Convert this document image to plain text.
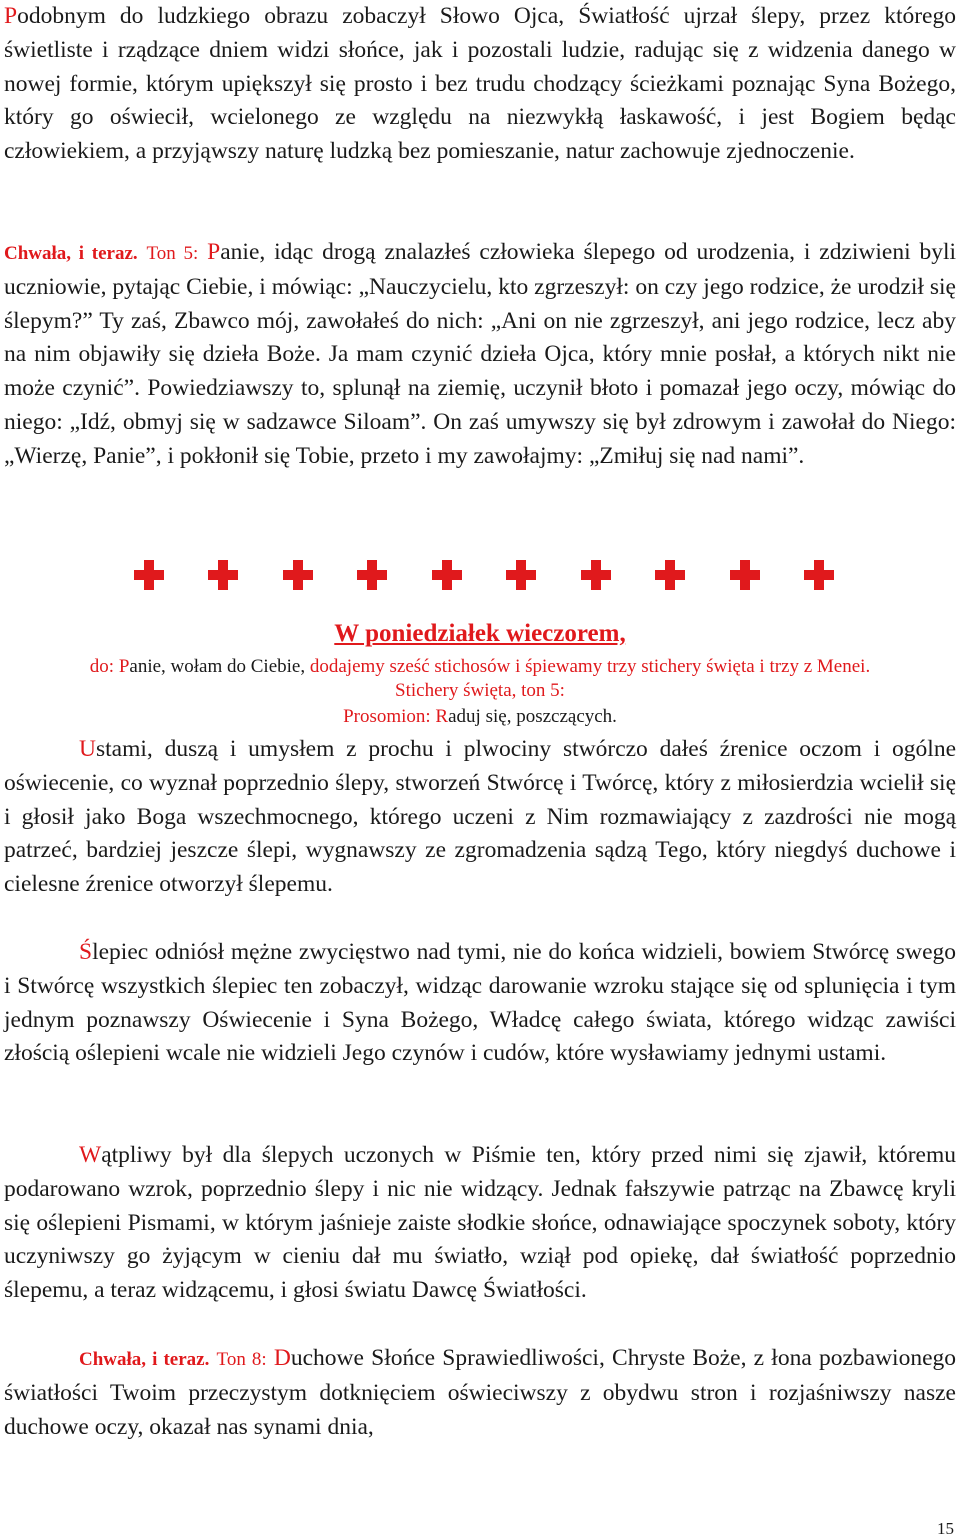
Podobnym do ludzkiego obrazu zobaczył Słowo Ojca, Światłość ujrzał ślepy, przez którego świetliste i rządzące dniem widzi słońce, jak i pozostali ludzie, radując się z widzenia danego w nowej formie, którym upiększył się prosto i bez trudu chodzący ścieżkami poznając Syna Bożego, który go oświecił, wcielonego ze względu na niezwykłą łaskawość, i jest Bogiem będąc człowiekiem, a przyjąwszy naturę ludzką bez pomieszanie, natur zachowuje zjednoczenie.

Chwała, i teraz. Ton 5: Panie, idąc drogą znalazłeś człowieka ślepego od urodzenia, i zdziwieni byli uczniowie, pytając Ciebie, i mówiąc: „Nauczycielu, kto zgrzeszył: on czy jego rodzice, że urodził się ślepym?” Ty zaś, Zbawco mój, zawołałeś do nich: „Ani on nie zgrzeszył, ani jego rodzice, lecz aby na nim objawiły się dzieła Boże. Ja mam czynić dzieła Ojca, który mnie posłał, a których nikt nie może czynić”. Powiedziawszy to, splunął na ziemię, uczynił błoto i pomazał jego oczy, mówiąc do niego: „Idź, obmyj się w sadzawce Siloam”. On zaś umywszy się był zdrowym i zawołał do Niego: „Wierzę, Panie”, i pokłonił się Tobie, przeto i my zawołajmy: „Zmiłuj się nad nami”.

W poniedziałek wieczorem,
do: Panie, wołam do Ciebie, dodajemy sześć stichosów i śpiewamy trzy stichery święta i trzy z Menei.
Stichery święta, ton 5:
Prosomion: Raduj się, poszczących.

Ustami, duszą i umysłem z prochu i plwociny stwórczo dałeś źrenice oczom i ogólne oświecenie, co wyznał poprzednio ślepy, stworzeń Stwórcę i Twórcę, który z miłosierdzia wcielił się i głosił jako Boga wszechmocnego, którego uczeni z Nim rozmawiający z zazdrości nie mogą patrzeć, bardziej jeszcze ślepi, wygnawszy ze zgromadzenia sądzą Tego, który niegdyś duchowe i cielesne źrenice otworzył ślepemu.

Ślepiec odniósł mężne zwycięstwo nad tymi, nie do końca widzieli, bowiem Stwórcę swego i Stwórcę wszystkich ślepiec ten zobaczył, widząc darowanie wzroku stające się od splunięcia i tym jednym poznawszy Oświecenie i Syna Bożego, Władcę całego świata, którego widząc zawiści złością oślepieni wcale nie widzieli Jego czynów i cudów, które wysławiamy jednymi ustami.

Wątpliwy był dla ślepych uczonych w Piśmie ten, który przed nimi się zjawił, któremu podarowano wzrok, poprzednio ślepy i nic nie widzący. Jednak fałszywie patrząc na Zbawcę kryli się oślepieni Pismami, w którym jaśnieje zaiste słodkie słońce, odnawiające spoczynek soboty, który uczyniwszy go żyjącym w cieniu dał mu światło, wziął pod opiekę, dał światłość poprzednio ślepemu, a teraz widzącemu, i głosi światu Dawcę Światłości.

Chwała, i teraz. Ton 8: Duchowe Słońce Sprawiedliwości, Chryste Boże, z łona pozbawionego światłości Twoim przeczystym dotknięciem oświeciwszy z obydwu stron i rozjaśniwszy nasze duchowe oczy, okazał nas synami dnia,

15
